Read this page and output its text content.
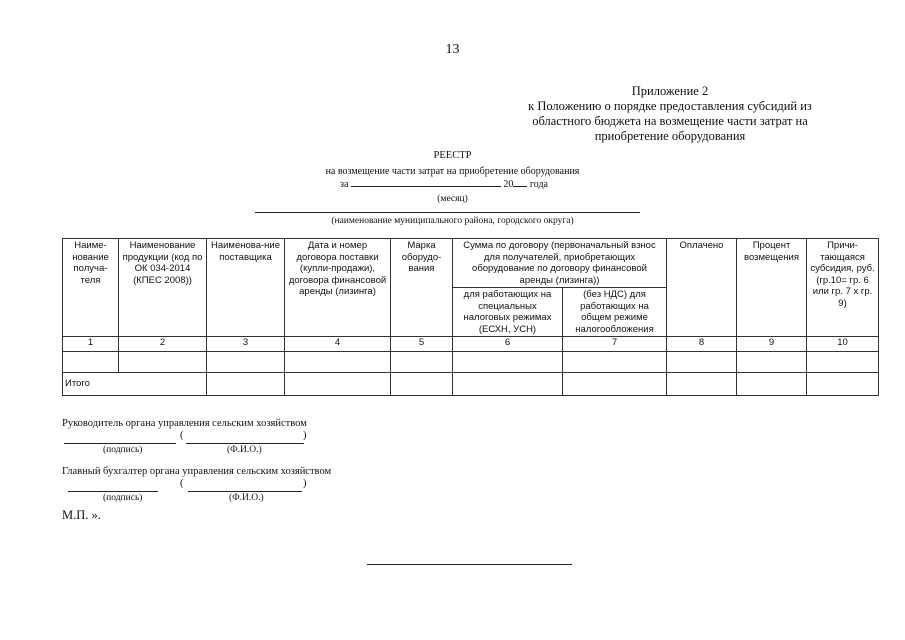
13
Приложение 2
к Положению о порядке предоставления субсидий из
областного бюджета на возмещение части затрат на
приобретение оборудования
РЕЕСТР
на возмещение части затрат на приобретение оборудования
за	20 года
(месяц)
(наименование муниципального района, городского округа)
Наиме-нование получа-теля	Наименование продукции (код по ОК 034-2014 (КПЕС 2008))	Наименова-ние поставщика	Дата и номер договора поставки (купли-продажи), договора финансовой аренды (лизинга)	Марка оборудо-вания	Сумма по договору (первоначальный взнос для получателей, приобретающих оборудование по договору финансовой аренды (лизинга))		Оплачено	Процент возмещения	Причи-тающаяся субсидия, руб. (гр.10= гр. 6 или гр. 7 х гр. 9)
					для работающих на специальных налоговых режимах (ЕСХН, УСН)	(без НДС) для работающих на общем режиме налогообложения			
1	2	3	4	5	6	7	8	9	10

Итого									
Руководитель органа управления сельским хозяйством
(	)
(подпись)	(Ф.И.О.)
Главный бухгалтер органа управления сельским хозяйством
(	)
(подпись)	(Ф.И.О.)
М.П. ».
